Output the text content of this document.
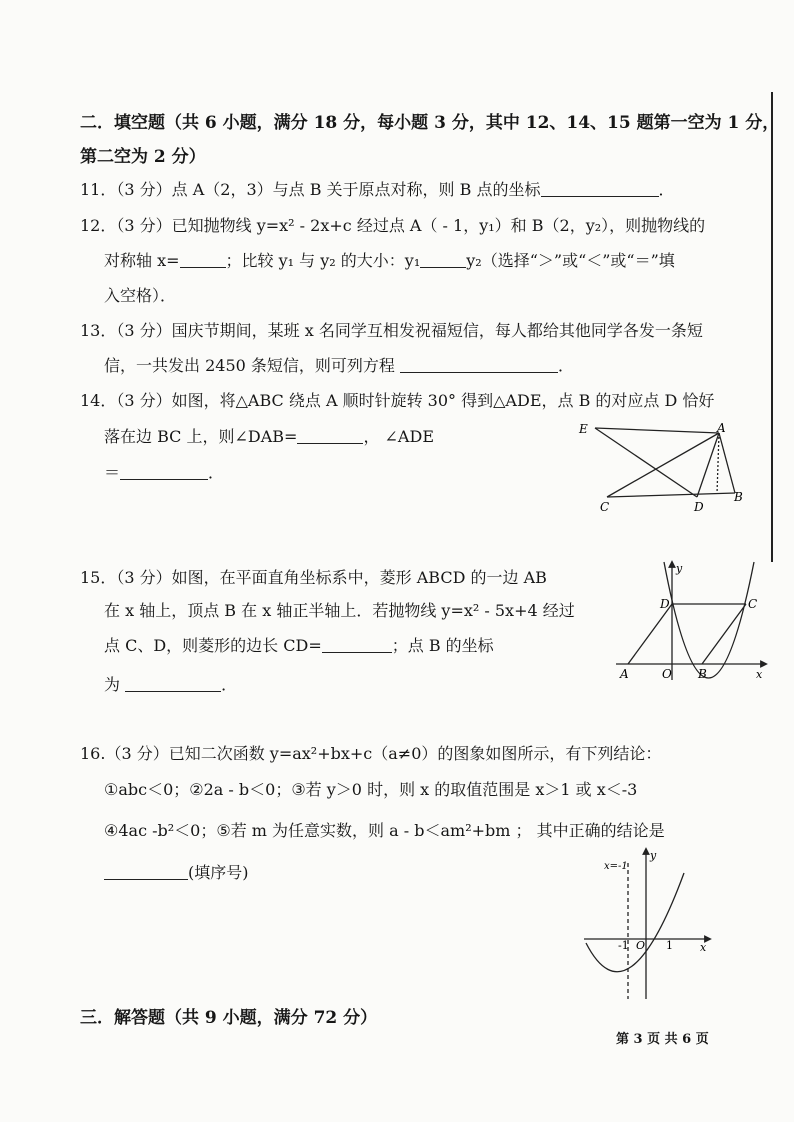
二．填空题（共 6 小题，满分 18 分，每小题 3 分，其中 12、14、15 题第一空为 1 分，
第二空为 2 分）
11．（3 分）点 A（2，3）与点 B 关于原点对称，则 B 点的坐标	．
12．（3 分）已知抛物线 y=x² - 2x+c 经过点 A（ - 1，y₁）和 B（2，y₂），则抛物线的
对称轴 x=	；比较 y₁ 与 y₂ 的大小：y₁	y₂（选择“＞”或“＜”或“＝”填
入空格）．
13．（3 分）国庆节期间，某班 x 名同学互相发祝福短信，每人都给其他同学各发一条短
信，一共发出 2450 条短信，则可列方程	．
14．（3 分）如图，将△ABC 绕点 A 顺时针旋转 30° 得到△ADE，点 B 的对应点 D 恰好
落在边 BC 上，则∠DAB=	， ∠ADE
＝	．
E	A
B
C	D
15．（3 分）如图，在平面直角坐标系中，菱形 ABCD 的一边 AB
在 x 轴上，顶点 B 在 x 轴正半轴上．若抛物线 y=x² - 5x+4 经过
点 C、D，则菱形的边长 CD=	；点 B 的坐标
为	．
y
x
D	C
A	O B
16.（3 分）已知二次函数 y=ax²+bx+c（a≠0）的图象如图所示，有下列结论：
①abc＜0；②2a - b＜0；③若 y＞0 时，则 x 的取值范围是 x＞1 或 x＜-3
④4ac -b²＜0；⑤若 m 为任意实数，则 a - b＜am²+bm ； 其中正确的结论是
(填序号)	x=-1
y
x
-1 O 1
三．解答题（共 9 小题，满分 72 分）
第 3 页 共 6 页
